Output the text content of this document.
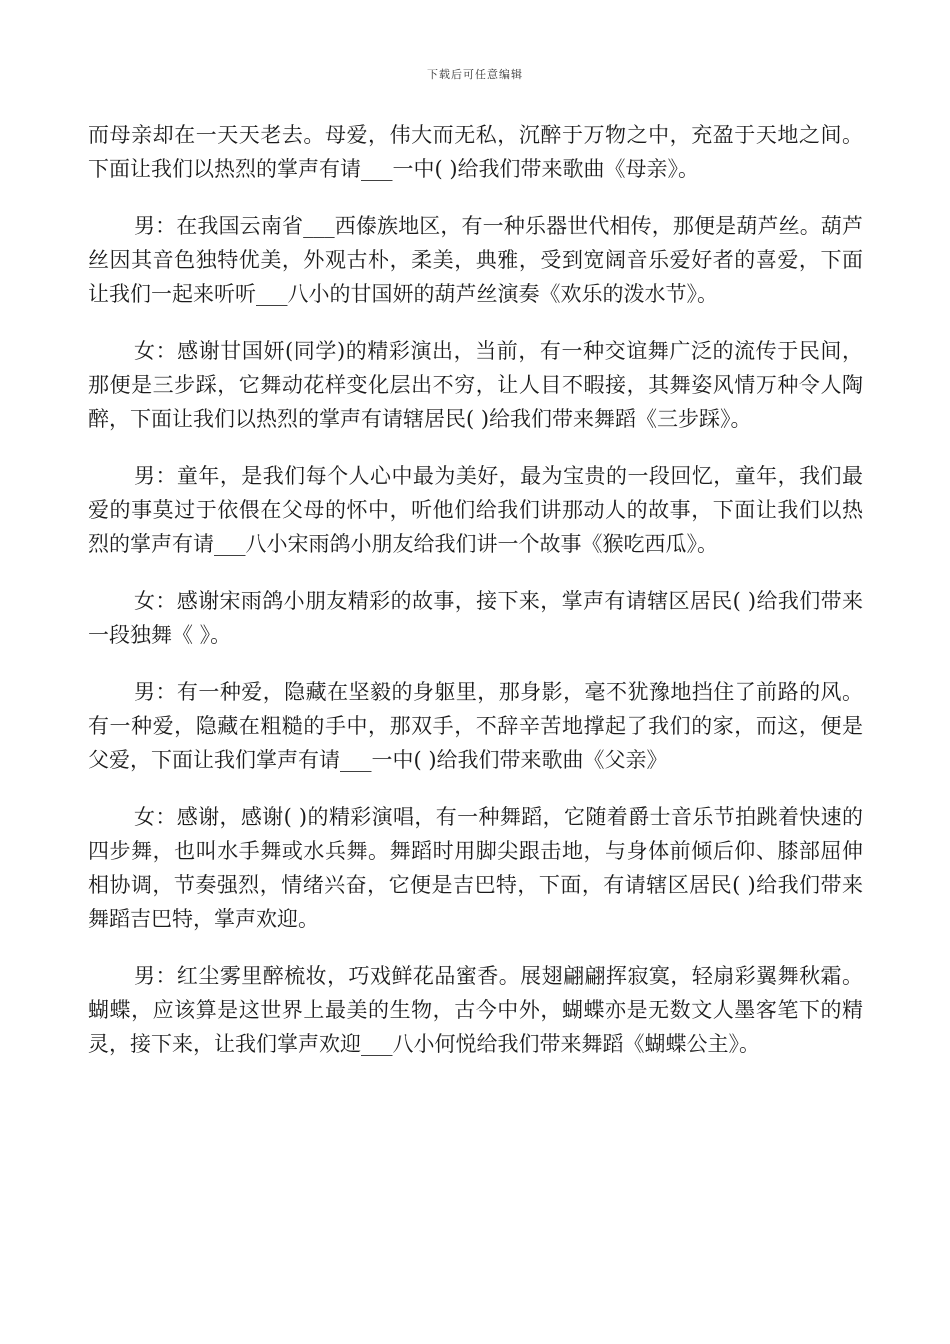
下载后可任意编辑

而母亲却在一天天老去。母爱，伟大而无私，沉醉于万物之中，充盈于天地之间。下面让我们以热烈的掌声有请___一中( )给我们带来歌曲《母亲》。

男：在我国云南省___西傣族地区，有一种乐器世代相传，那便是葫芦丝。葫芦丝因其音色独特优美，外观古朴，柔美，典雅，受到宽阔音乐爱好者的喜爱，下面让我们一起来听听___八小的甘国妍的葫芦丝演奏《欢乐的泼水节》。

女：感谢甘国妍(同学)的精彩演出，当前，有一种交谊舞广泛的流传于民间，那便是三步踩，它舞动花样变化层出不穷，让人目不暇接，其舞姿风情万种令人陶醉，下面让我们以热烈的掌声有请辖居民( )给我们带来舞蹈《三步踩》。

男：童年，是我们每个人心中最为美好，最为宝贵的一段回忆，童年，我们最爱的事莫过于依偎在父母的怀中，听他们给我们讲那动人的故事，下面让我们以热烈的掌声有请___八小宋雨鸽小朋友给我们讲一个故事《猴吃西瓜》。

女：感谢宋雨鸽小朋友精彩的故事，接下来，掌声有请辖区居民( )给我们带来一段独舞《 》。

男：有一种爱，隐藏在坚毅的身躯里，那身影，毫不犹豫地挡住了前路的风。有一种爱，隐藏在粗糙的手中，那双手，不辞辛苦地撑起了我们的家，而这，便是父爱，下面让我们掌声有请___一中( )给我们带来歌曲《父亲》

女：感谢，感谢( )的精彩演唱，有一种舞蹈，它随着爵士音乐节拍跳着快速的四步舞，也叫水手舞或水兵舞。舞蹈时用脚尖跟击地，与身体前倾后仰、膝部屈伸相协调，节奏强烈，情绪兴奋，它便是吉巴特，下面，有请辖区居民( )给我们带来舞蹈吉巴特，掌声欢迎。

男：红尘雾里醉梳妆，巧戏鲜花品蜜香。展翅翩翩挥寂寞，轻扇彩翼舞秋霜。蝴蝶，应该算是这世界上最美的生物，古今中外，蝴蝶亦是无数文人墨客笔下的精灵，接下来，让我们掌声欢迎___八小何悦给我们带来舞蹈《蝴蝶公主》。
